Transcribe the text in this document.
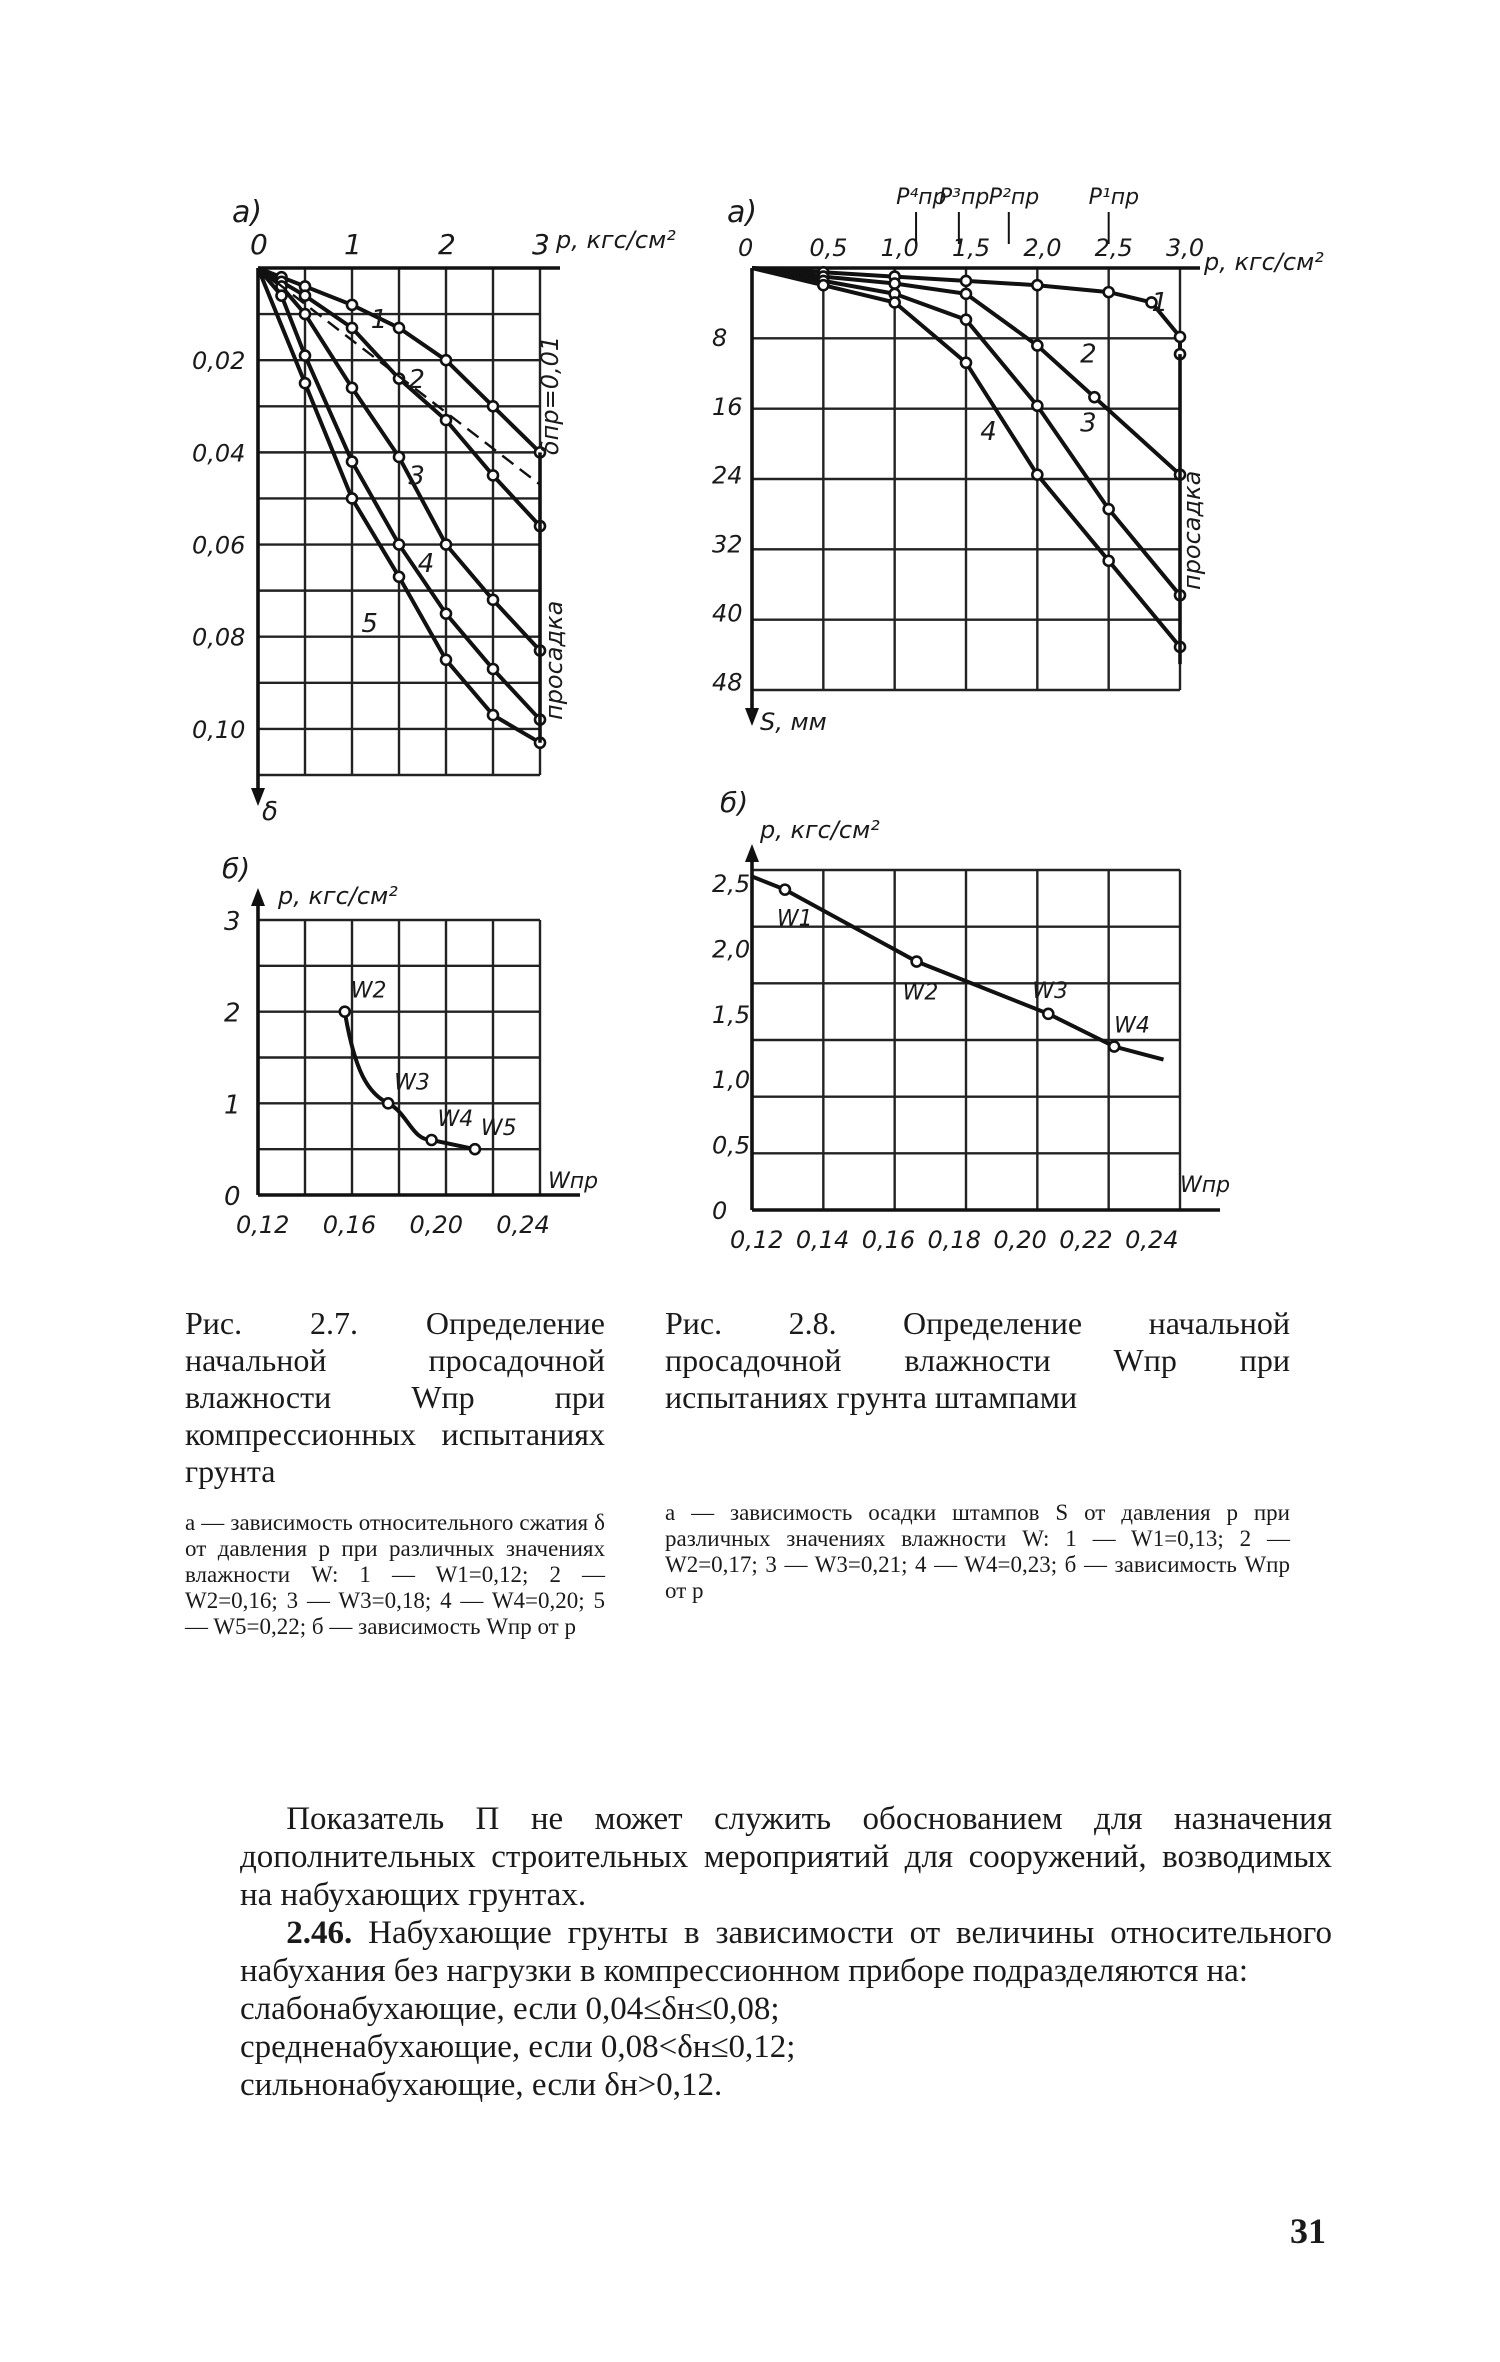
а)
0	1	2	3
0,02
0,04
0,06
0,08
0,10
1
2
3
4
5
p, кгс/см²
δ
δпр=0,01
просадка
б)
0,12 0,16 0,20 0,24
0
1
2
3
W2
W3
W4 W5
p, кгс/см²
Wпр
а)
0 0,5 1,0 1,5 2,0 2,5 3,0
8
16
24
32
40
48
1
2
3
4
P⁴пр
P³пр P²пр P¹пр
p, кгс/см²
S, мм
просадка
б)
0,12 0,14 0,16 0,18 0,20 0,22 0,24
0
0,5
1,0
1,5
2,0
2,5
W1
W2	W3
W4
p, кгс/см²
Wпр
Рис. 2.7. Определение начальной просадочной влажности Wпр при компрессионных испытаниях грунта
а — зависимость относительного сжатия δ от давления p при различных значениях влажности W: 1 — W1=0,12; 2 — W2=0,16; 3 — W3=0,18; 4 — W4=0,20; 5 — W5=0,22; б — зависимость Wпр от p
Рис. 2.8. Определение начальной просадочной влажности Wпр при испытаниях грунта штампами
а — зависимость осадки штампов S от давления p при различных значениях влажности W: 1 — W1=0,13; 2 — W2=0,17; 3 — W3=0,21; 4 — W4=0,23; б — зависимость Wпр от p

Показатель П не может служить обоснованием для назначения дополнительных строительных мероприятий для сооружений, возводимых на набухающих грунтах.

2.46. Набухающие грунты в зависимости от величины относительного набухания без нагрузки в компрессионном приборе подразделяются на:

слабонабухающие, если 0,04≤δн≤0,08;

средненабухающие, если 0,08<δн≤0,12;

сильнонабухающие, если δн>0,12.

31
